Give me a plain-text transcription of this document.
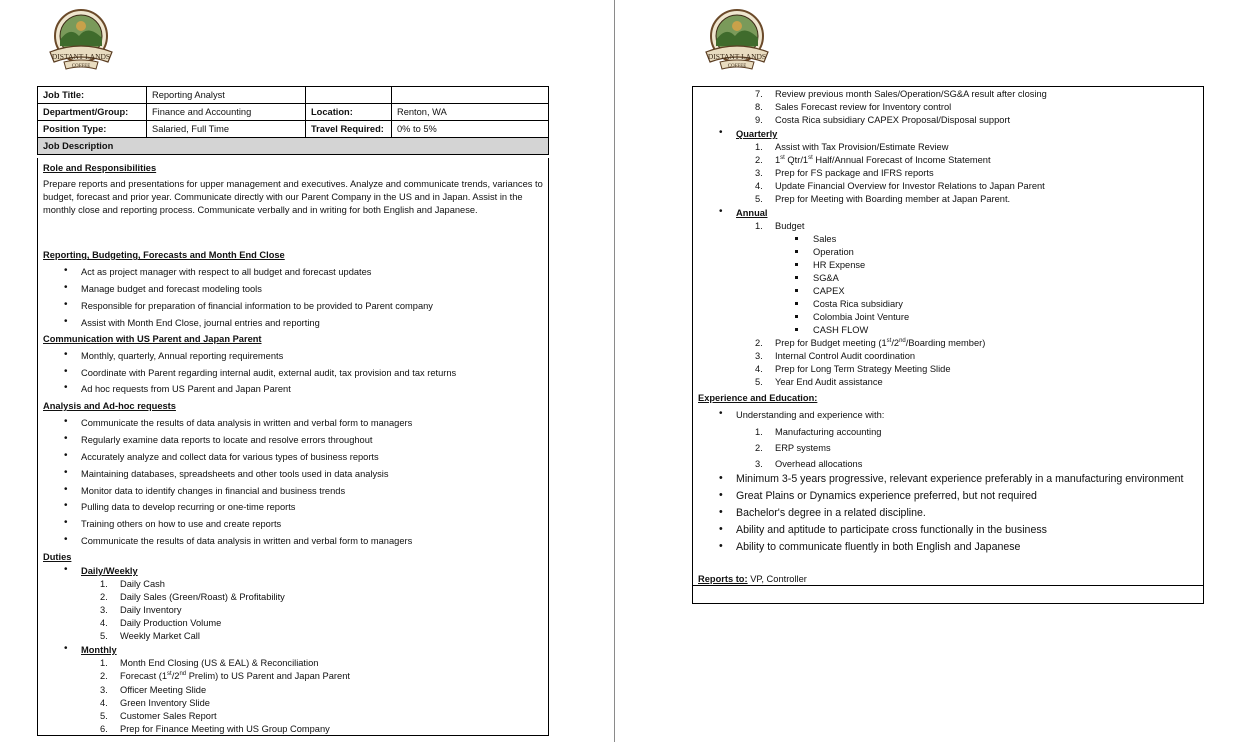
DISTANT LANDS
COFFEE
Job Title:	Reporting Analyst		
Department/Group:	Finance and Accounting	Location:	Renton, WA
Position Type:	Salaried, Full Time	Travel Required:	0% to 5%
Job Description			
Role and Responsibilities
Prepare reports and presentations for upper management and executives. Analyze and communicate trends, variances to budget, forecast and prior year. Communicate directly with our Parent Company in the US and in Japan. Assist in the monthly close and reporting process. Communicate verbally and in writing for both English and Japanese.
Reporting, Budgeting, Forecasts and Month End Close
• Act as project manager with respect to all budget and forecast updates
• Manage budget and forecast modeling tools
• Responsible for preparation of financial information to be provided to Parent company
• Assist with Month End Close, journal entries and reporting
Communication with US Parent and Japan Parent
• Monthly, quarterly, Annual reporting requirements
• Coordinate with Parent regarding internal audit, external audit, tax provision and tax returns
• Ad hoc requests from US Parent and Japan Parent
Analysis and Ad-hoc requests
• Communicate the results of data analysis in written and verbal form to managers
• Regularly examine data reports to locate and resolve errors throughout
• Accurately analyze and collect data for various types of business reports
• Maintaining databases, spreadsheets and other tools used in data analysis
• Monitor data to identify changes in financial and business trends
• Pulling data to develop recurring or one-time reports
• Training others on how to use and create reports
• Communicate the results of data analysis in written and verbal form to managers
Duties
• Daily/Weekly
1. Daily Cash
2. Daily Sales (Green/Roast) & Profitability
3. Daily Inventory
4. Daily Production Volume
5. Weekly Market Call
• Monthly
1. Month End Closing (US & EAL) & Reconciliation
2. Forecast (1st/2nd Prelim) to US Parent and Japan Parent
3. Officer Meeting Slide
4. Green Inventory Slide
5. Customer Sales Report
6. Prep for Finance Meeting with US Group Company
DISTANT LANDS
COFFEE
7. Review previous month Sales/Operation/SG&A result after closing
8. Sales Forecast review for Inventory control
9. Costa Rica subsidiary CAPEX Proposal/Disposal support
• Quarterly
1. Assist with Tax Provision/Estimate Review
2. 1st Qtr/1st Half/Annual Forecast of Income Statement
3. Prep for FS package and IFRS reports
4. Update Financial Overview for Investor Relations to Japan Parent
5. Prep for Meeting with Boarding member at Japan Parent.
• Annual
1. Budget
Sales
Operation
HR Expense
SG&A
CAPEX
Costa Rica subsidiary
Colombia Joint Venture
CASH FLOW
2. Prep for Budget meeting (1st/2nd/Boarding member)
3. Internal Control Audit coordination
4. Prep for Long Term Strategy Meeting Slide
5. Year End Audit assistance
Experience and Education:
• Understanding and experience with:
1. Manufacturing accounting
2. ERP systems
3. Overhead allocations
• Minimum 3-5 years progressive, relevant experience preferably in a manufacturing environment
• Great Plains or Dynamics experience preferred, but not required
• Bachelor's degree in a related discipline.
• Ability and aptitude to participate cross functionally in the business
• Ability to communicate fluently in both English and Japanese
Reports to: VP, Controller
